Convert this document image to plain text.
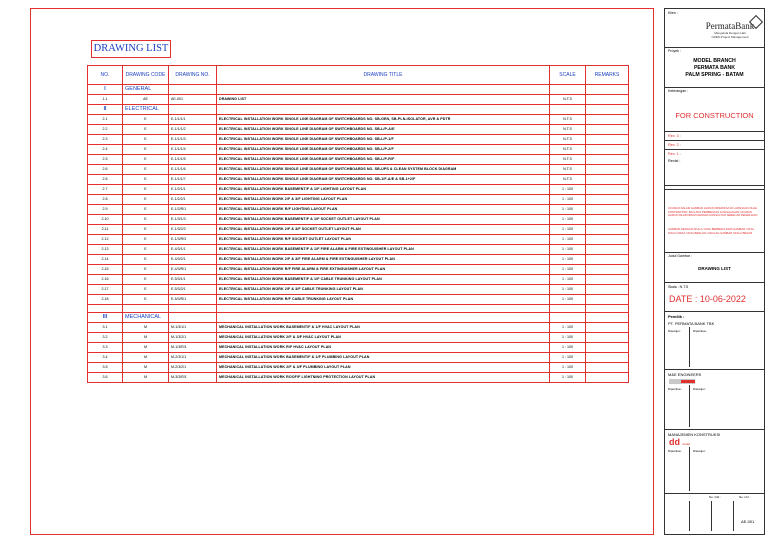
DRAWING LIST
NO.	DRAWING CODE	DRAWING NO.	DRAWING TITLE	SCALE	REMARKS
I	GENERAL				
1.1	AE	AE-001	DRAWING LIST	N.T.S	
II	ELECTRICAL				
2.1	E	E-1/1/1/1	ELECTRICAL INSTALLATION WORK SINGLE LINE DIAGRAM OF SWITCHBOARDS NO. SB-GEN, SB-PLN-ISOLATOR, AVR & PDTR	N.T.S	
2.2	E	E-1/1/1/2	ELECTRICAL INSTALLATION WORK SINGLE LINE DIAGRAM OF SWITCHBOARDS NO. SB-L/P-A/E	N.T.S	
2.3	E	E-1/1/1/3	ELECTRICAL INSTALLATION WORK SINGLE LINE DIAGRAM OF SWITCHBOARDS NO. SB-L/P-1/F	N.T.S	
2.4	E	E-1/1/1/4	ELECTRICAL INSTALLATION WORK SINGLE LINE DIAGRAM OF SWITCHBOARDS NO. SB-L/P-2/F	N.T.S	
2.5	E	E-1/1/1/5	ELECTRICAL INSTALLATION WORK SINGLE LINE DIAGRAM OF SWITCHBOARDS NO. SB-L/P-R/F	N.T.S	
2.6	E	E-1/1/1/6	ELECTRICAL INSTALLATION WORK SINGLE LINE DIAGRAM OF SWITCHBOARDS NO. SB-UPS & CLEAN SYSTEM BLOCK DIAGRAM	N.T.S	
2.6	E	E-1/1/1/7	ELECTRICAL INSTALLATION WORK SINGLE LINE DIAGRAM OF SWITCHBOARDS NO. SB-1/F-A/E & SB-1+2/F	N.T.S	
2.7	E	E-1/2/1/1	ELECTRICAL INSTALLATION WORK BASEMENT/F & 1/F LIGHTING LAYOUT PLAN	1 : 100	
2.8	E	E-1/2/2/1	ELECTRICAL INSTALLATION WORK 2/F & 3/F LIGHTING LAYOUT PLAN	1 : 100	
2.9	E	E-1/2/R/1	ELECTRICAL INSTALLATION WORK R/F LIGHTING LAYOUT PLAN	1 : 100	
2.10	E	E-1/3/1/3	ELECTRICAL INSTALLATION WORK BASEMENT/F & 1/F SOCKET OUTLET LAYOUT PLAN	1 : 100	
2.11	E	E-1/3/2/3	ELECTRICAL INSTALLATION WORK 2/F & 3/F SOCKET OUTLET LAYOUT PLAN	1 : 100	
2.12	E	E-1/3/R/3	ELECTRICAL INSTALLATION WORK R/F SOCKET OUTLET LAYOUT PLAN	1 : 100	
2.13	E	E-4/3/1/1	ELECTRICAL INSTALLATION WORK BASEMENT/F & 1/F FIRE ALARM & FIRE EXTINGUISHER LAYOUT PLAN	1 : 100	
2.14	E	E-4/3/2/1	ELECTRICAL INSTALLATION WORK 2/F & 3/F FIRE ALARM & FIRE EXTINGUISHER LAYOUT PLAN	1 : 100	
2.15	E	E-4/3/R/1	ELECTRICAL INSTALLATION WORK R/F FIRE ALARM & FIRE EXTINGUISHER LAYOUT PLAN	1 : 100	
2.16	E	E-5/3/1/1	ELECTRICAL INSTALLATION WORK BASEMENT/F & 1/F CABLE TRUNKING LAYOUT PLAN	1 : 100	
2.17	E	E-5/3/2/1	ELECTRICAL INSTALLATION WORK 2/F & 3/F CABLE TRUNKING LAYOUT PLAN	1 : 100	
2.18	E	E-5/3/R/1	ELECTRICAL INSTALLATION WORK R/F CABLE TRUNKING LAYOUT PLAN	1 : 100	

III	MECHANICAL				
3.1	M	M-1/3/1/1	MECHANICAL INSTALLATION WORK BASEMENT/F & 1/F HVAC LAYOUT PLAN	1 : 100	
3.2	M	M-1/3/2/1	MECHANICAL INSTALLATION WORK 2/F & 3/F HVAC LAYOUT PLAN	1 : 100	
3.3	M	M-1/3/R/1	MECHANICAL INSTALLATION WORK R/F HVAC LAYOUT PLAN	1 : 100	
3.4	M	M-2/3/1/1	MECHANICAL INSTALLATION WORK BASEMENT/F & 1/F PLUMBING LAYOUT PLAN	1 : 100	
3.5	M	M-2/3/2/1	MECHANICAL INSTALLATION WORK 2/F & 3/F PLUMBING LAYOUT PLAN	1 : 100	
3.6	M	M-3/3/R/1	MECHANICAL INSTALLATION WORK ROOF/F LIGHTNING PROTECTION LAYOUT PLAN	1 : 100	
Klien :
PermataBank
Mengelola Dengan Hati
CRES-Project Management
Proyek :
MODEL BRANCH
PERMATA BANK
PALM SPRING - BATAM
Keterangan :
FOR CONSTRUCTION
Rev. 3 :
Rev. 2 :
Rev. 1 :
Revisi :
UKURAN DALAM GAMBAR HARUS DIPERIKSA DI LAPANGAN OLEH KONTRAKTOR. BILA ADA PERBEDAAN & KESALAHAN UKURAN HARUS DILAPORKAN KEPADA KONSULTAN SEBELUM PEKERJAAN
GAMBAR DENGAN SKALA YANG BERBEDA DARI GAMBAR YANG DIACU MAKA YANG BERLAKU ADALAH GAMBAR SKALA BESAR
Judul Gambar :
DRAWING LIST
Skala : N.T.S
DATE : 10-06-2022
Pemilik :
PT. PERMATA BANK TBK
Disetujui :	Diperiksa :
M&E ENGINEERS
Diperiksa :	Disetujui :
MANAJEMEN KONSTRUKSI
dd dadal
Diperiksa :	Disetujui :
No. Gbr :	No. Lbr :
AE-001
